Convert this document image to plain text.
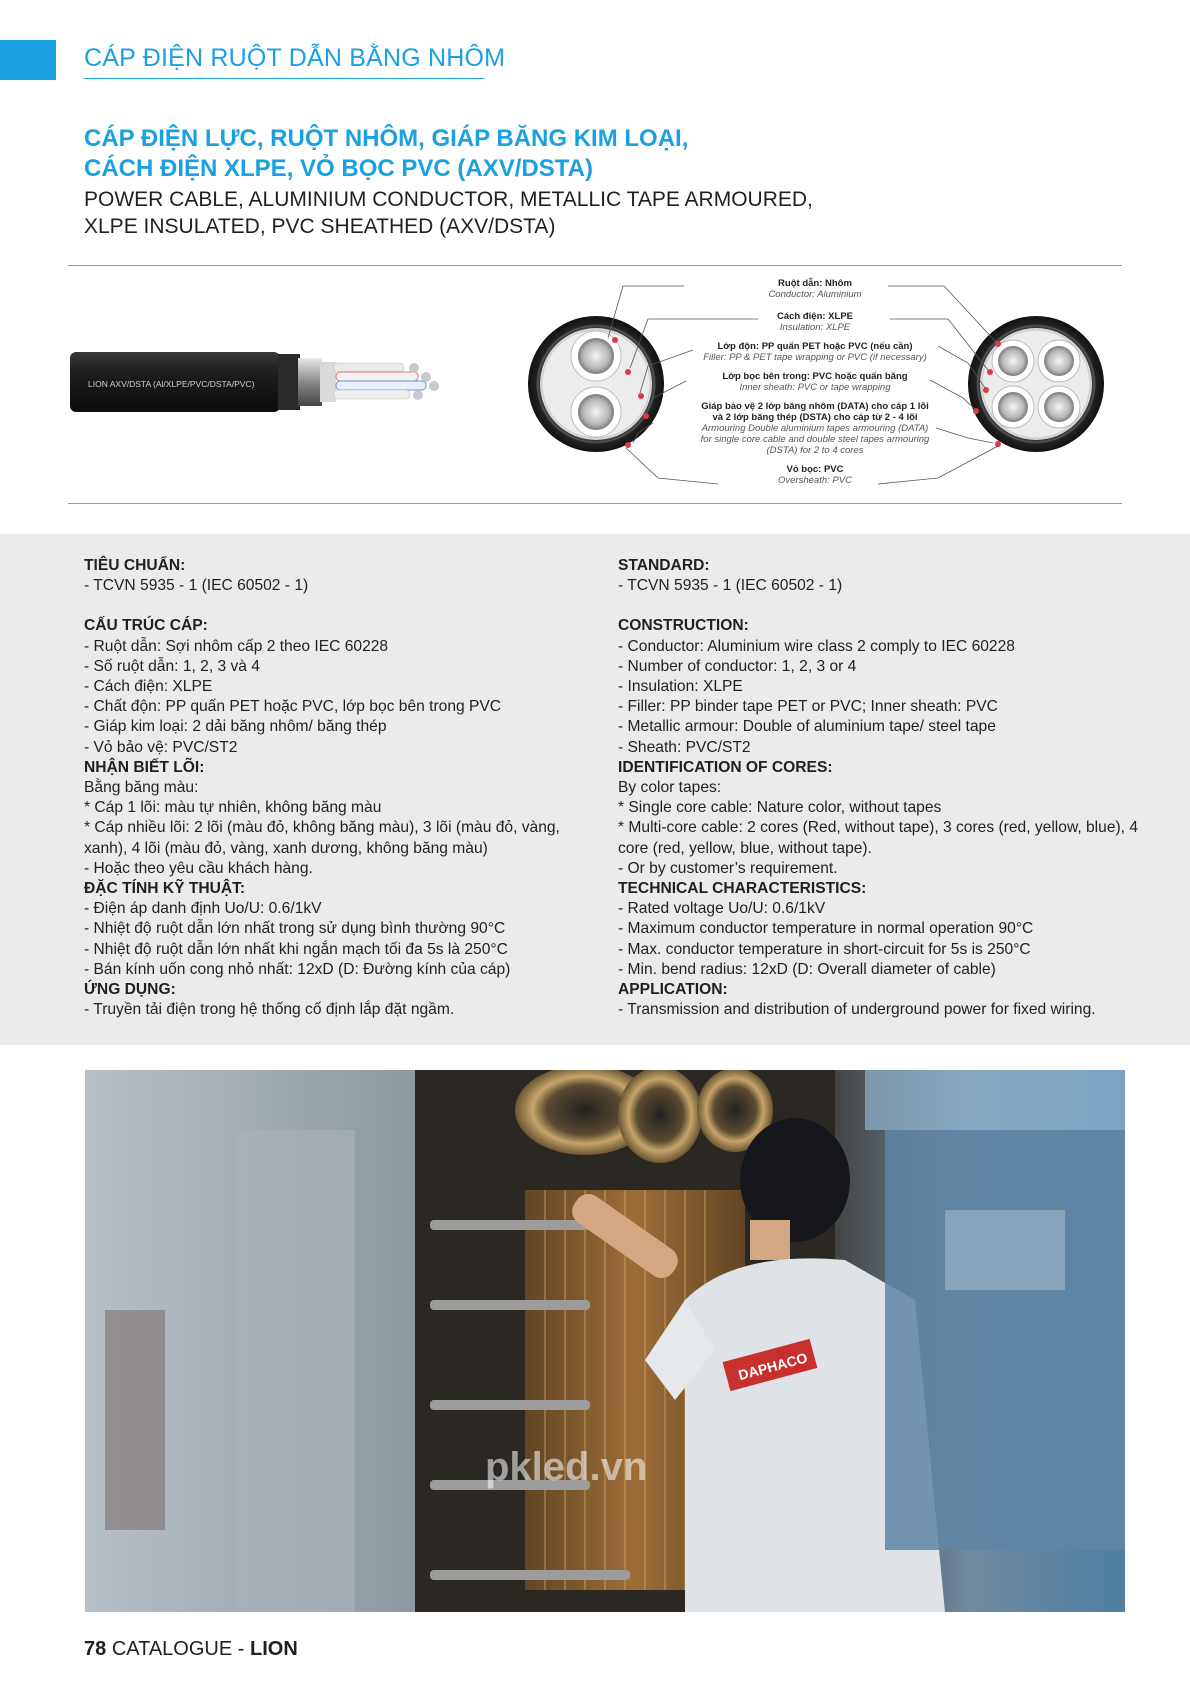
CÁP ĐIỆN RUỘT DẪN BẰNG NHÔM
CÁP ĐIỆN LỰC, RUỘT NHÔM, GIÁP BĂNG KIM LOẠI,
CÁCH ĐIỆN XLPE, VỎ BỌC PVC (AXV/DSTA)
POWER CABLE, ALUMINIUM CONDUCTOR, METALLIC TAPE ARMOURED,
XLPE INSULATED, PVC SHEATHED (AXV/DSTA)
LION AXV/DSTA (Al/XLPE/PVC/DSTA/PVC)
Ruột dẫn: Nhôm
Conductor: Aluminium
Cách điện: XLPE
Insulation: XLPE
Lớp độn: PP quấn PET hoặc PVC (nếu cần)
Filler: PP & PET tape wrapping or PVC (if necessary)
Lớp bọc bên trong: PVC hoặc quấn băng
Inner sheath: PVC or tape wrapping
Giáp bảo vệ 2 lớp băng nhôm (DATA) cho cáp 1 lõi và 2 lớp băng thép (DSTA) cho cáp từ 2 - 4 lõi
Armouring Double aluminium tapes armouring (DATA) for single core cable and double steel tapes armouring (DSTA) for 2 to 4 cores
Vỏ bọc: PVC
Oversheath: PVC
TIÊU CHUẨN:
- TCVN 5935 - 1 (IEC 60502 - 1)
CẤU TRÚC CÁP:
- Ruột dẫn: Sợi nhôm cấp 2 theo IEC 60228
- Số ruột dẫn: 1, 2, 3 và 4
- Cách điện: XLPE
- Chất độn: PP quấn PET hoặc PVC, lớp bọc bên trong PVC
- Giáp kim loại: 2 dải băng nhôm/ băng thép
- Vỏ bảo vệ: PVC/ST2
NHẬN BIẾT LÕI:
Bằng băng màu:
* Cáp 1 lõi: màu tự nhiên, không băng màu
* Cáp nhiều lõi: 2 lõi (màu đỏ, không băng màu), 3 lõi (màu đỏ, vàng, xanh), 4 lõi (màu đỏ, vàng, xanh dương, không băng màu)
- Hoặc theo yêu cầu khách hàng.
ĐẶC TÍNH KỸ THUẬT:
- Điện áp danh định Uo/U: 0.6/1kV
- Nhiệt độ ruột dẫn lớn nhất trong sử dụng bình thường 90°C
- Nhiệt độ ruột dẫn lớn nhất khi ngắn mạch tối đa 5s là 250°C
- Bán kính uốn cong nhỏ nhất: 12xD (D: Đường kính của cáp)
ỨNG DỤNG:
- Truyền tải điện trong hệ thống cố định lắp đặt ngầm.
STANDARD:
- TCVN 5935 - 1 (IEC 60502 - 1)
CONSTRUCTION:
- Conductor: Aluminium wire class 2 comply to IEC 60228
- Number of conductor: 1, 2, 3 or 4
- Insulation: XLPE
- Filler: PP binder tape PET or PVC; Inner sheath: PVC
- Metallic armour: Double of aluminium tape/ steel tape
- Sheath: PVC/ST2
IDENTIFICATION OF CORES:
By color tapes:
* Single core cable: Nature color, without tapes
* Multi-core cable: 2 cores (Red, without tape), 3 cores (red, yellow, blue), 4 core (red, yellow, blue, without tape).
- Or by customer’s requirement.
TECHNICAL CHARACTERISTICS:
- Rated voltage Uo/U: 0.6/1kV
- Maximum conductor temperature in normal operation 90°C
- Max. conductor temperature in short-circuit for 5s is 250°C
- Min. bend radius: 12xD (D: Overall diameter of cable)
APPLICATION:
- Transmission and distribution of underground power for fixed wiring.
DAPHACO
pkled.vn
78 CATALOGUE - LION
